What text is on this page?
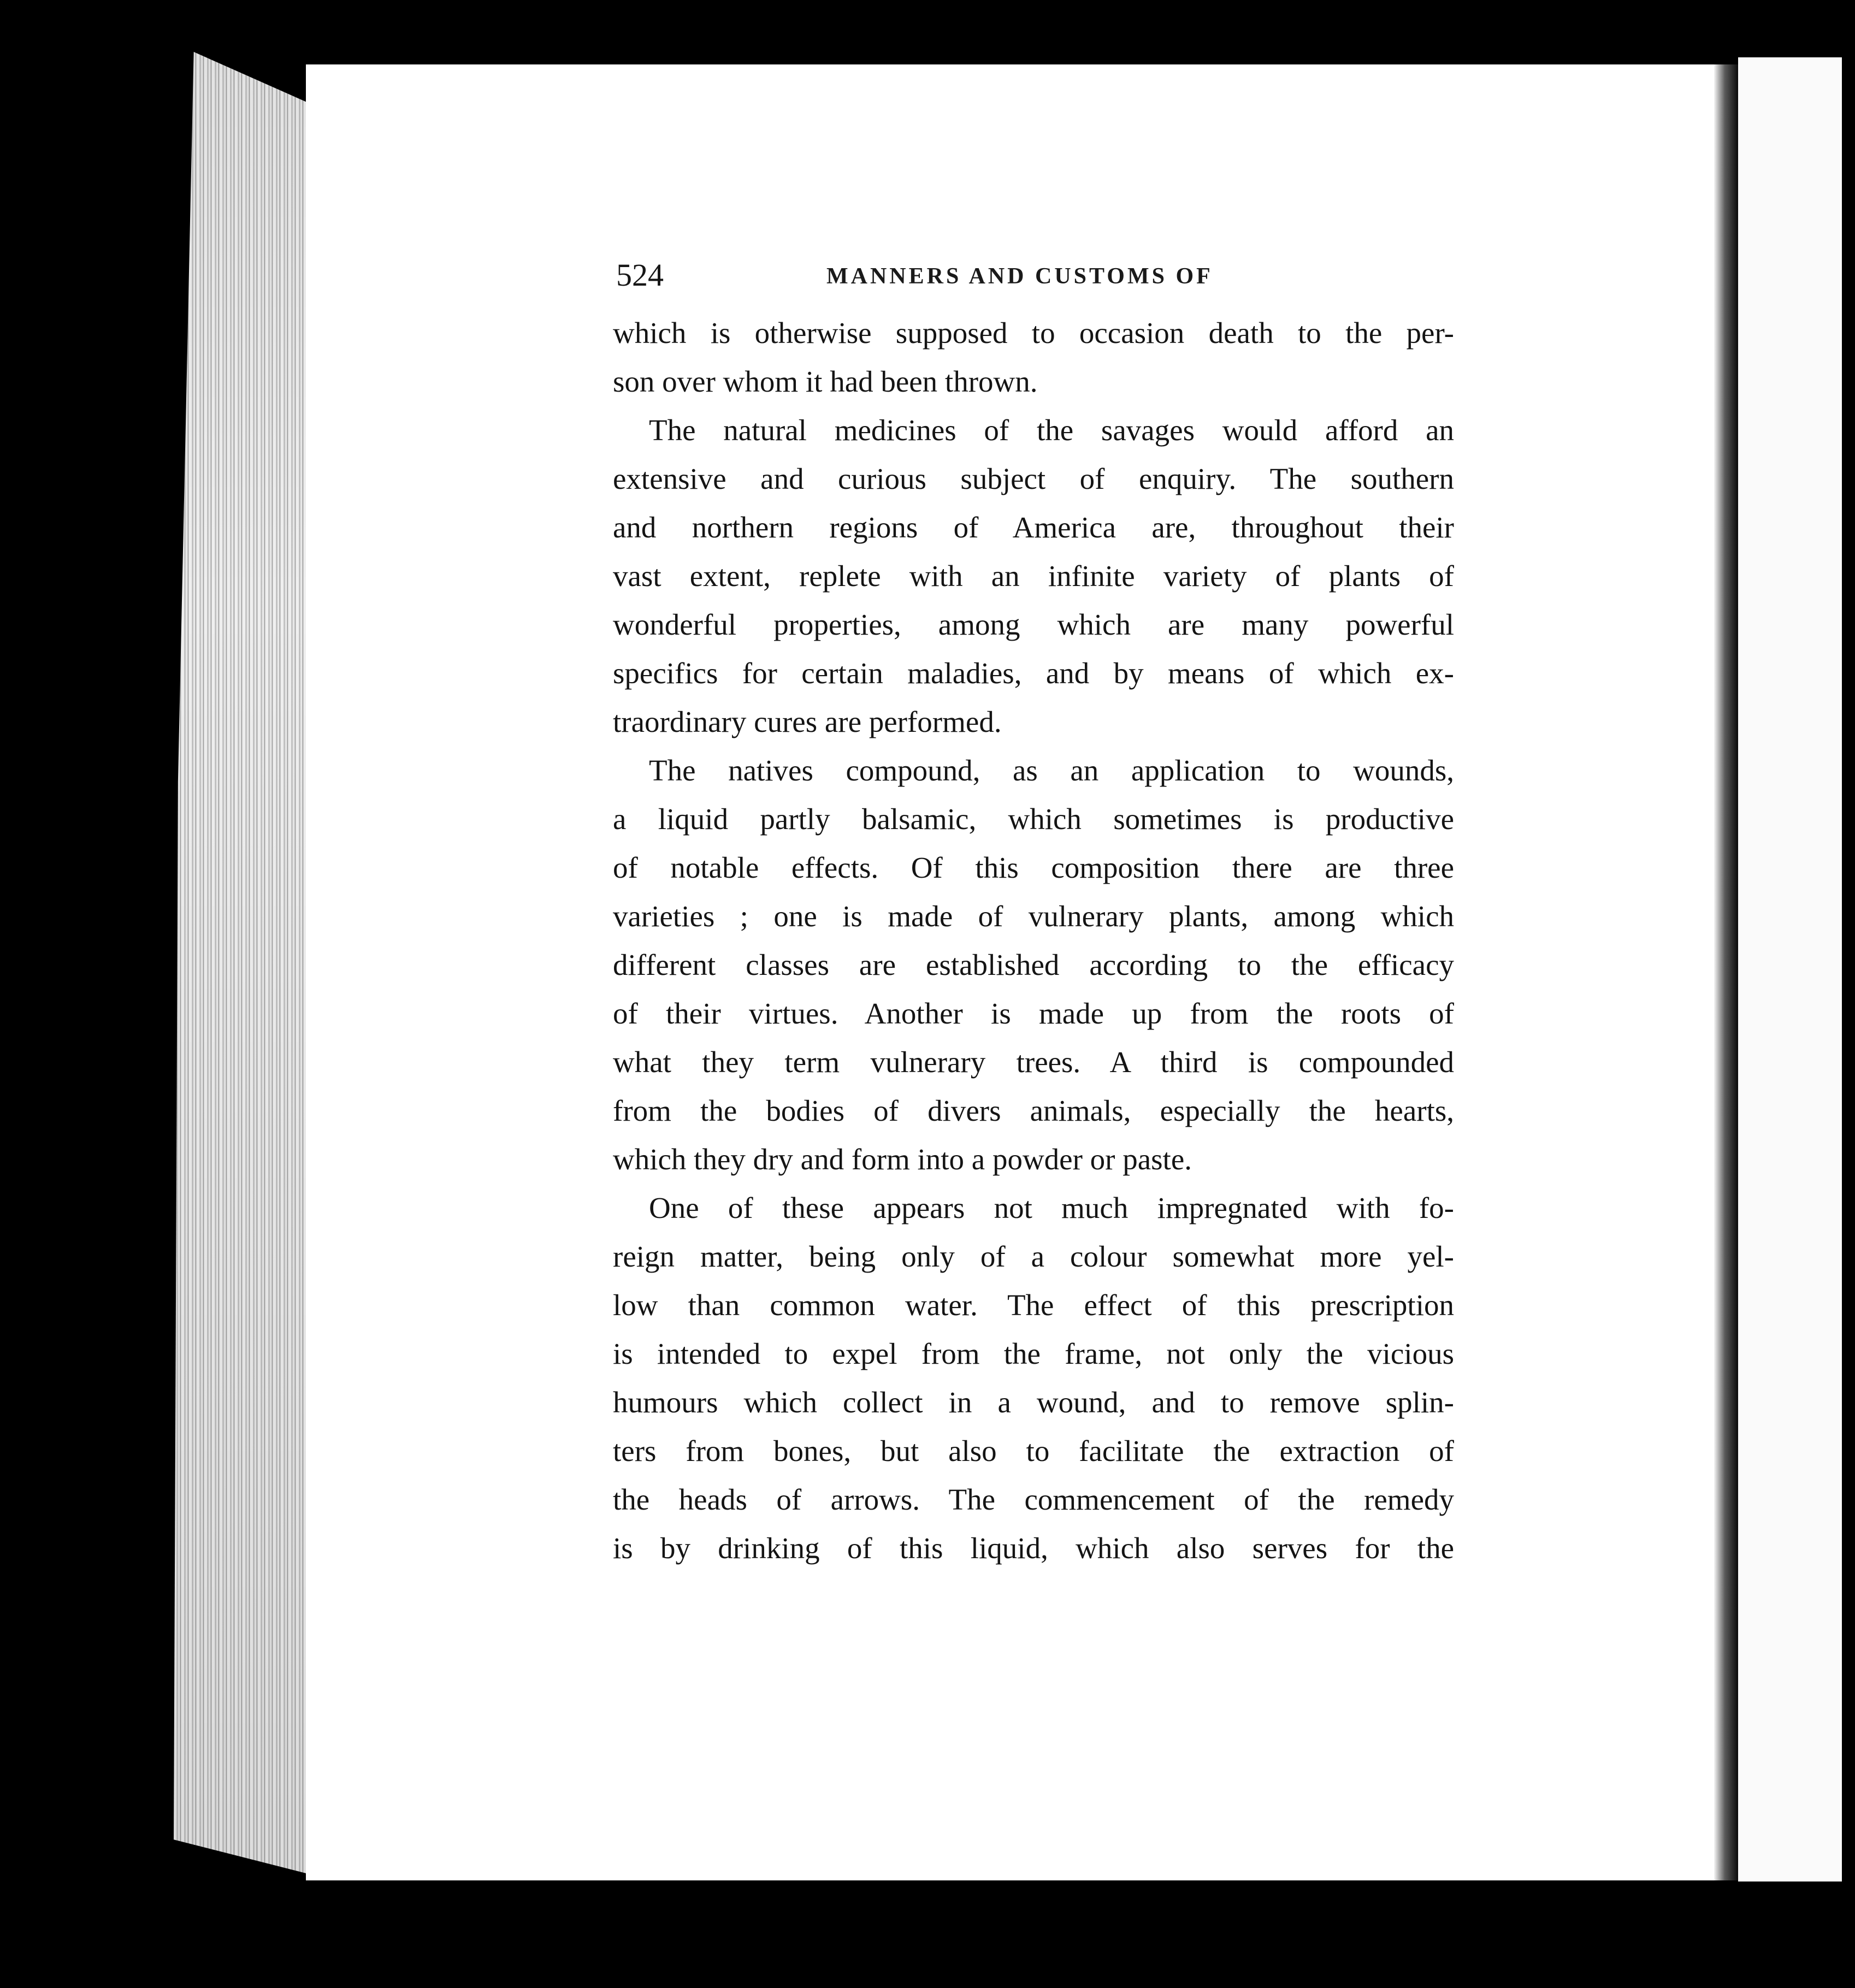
524	MANNERS AND CUSTOMS OF
which is otherwise supposed to occasion death to the per-
son over whom it had been thrown.
The natural medicines of the savages would afford an
extensive and curious subject of enquiry. The southern
and northern regions of America are, throughout their
vast extent, replete with an infinite variety of plants of
wonderful properties, among which are many powerful
specifics for certain maladies, and by means of which ex-
traordinary cures are performed.
The natives compound, as an application to wounds,
a liquid partly balsamic, which sometimes is productive
of notable effects. Of this composition there are three
varieties ; one is made of vulnerary plants, among which
different classes are established according to the efficacy
of their virtues. Another is made up from the roots of
what they term vulnerary trees. A third is compounded
from the bodies of divers animals, especially the hearts,
which they dry and form into a powder or paste.
One of these appears not much impregnated with fo-
reign matter, being only of a colour somewhat more yel-
low than common water. The effect of this prescription
is intended to expel from the frame, not only the vicious
humours which collect in a wound, and to remove splin-
ters from bones, but also to facilitate the extraction of
the heads of arrows. The commencement of the remedy
is by drinking of this liquid, which also serves for the
